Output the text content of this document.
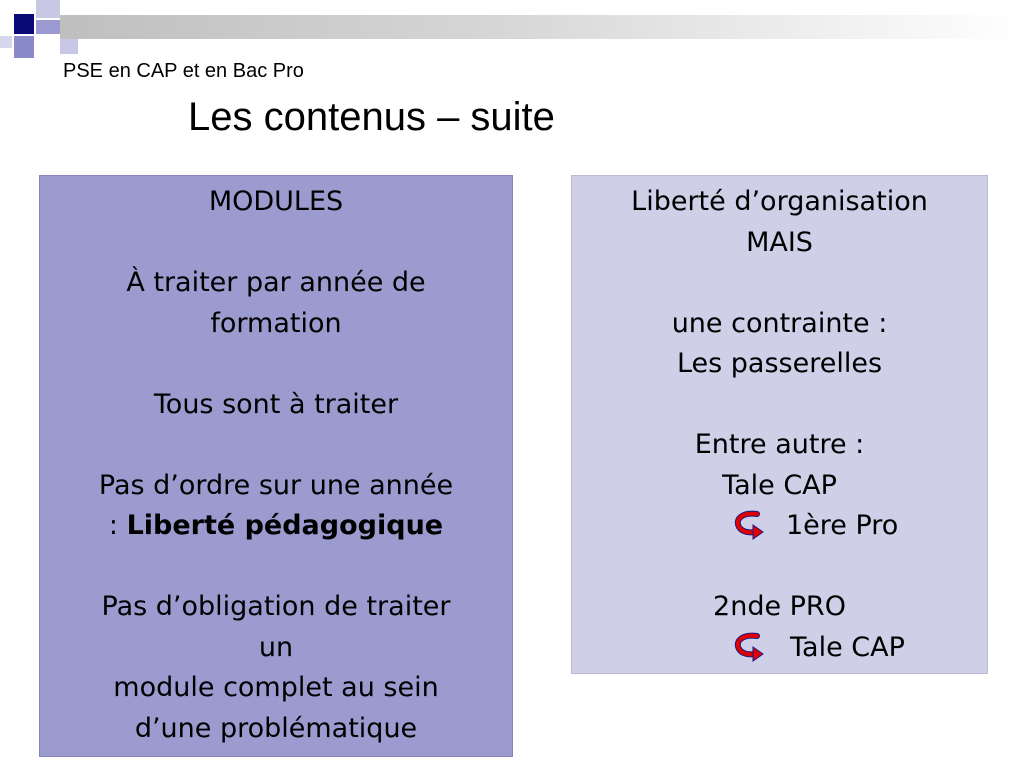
PSE en CAP et en Bac Pro
Les contenus – suite
MODULES
À traiter par année de
formation
Tous sont à traiter
Pas d’ordre sur une année
: Liberté pédagogique
Pas d’obligation de traiter
un
module complet au sein
d’une problématique
Liberté d’organisation
MAIS
une contrainte :
Les passerelles
Entre autre :
Tale CAP
1ère Pro
2nde PRO
Tale CAP
